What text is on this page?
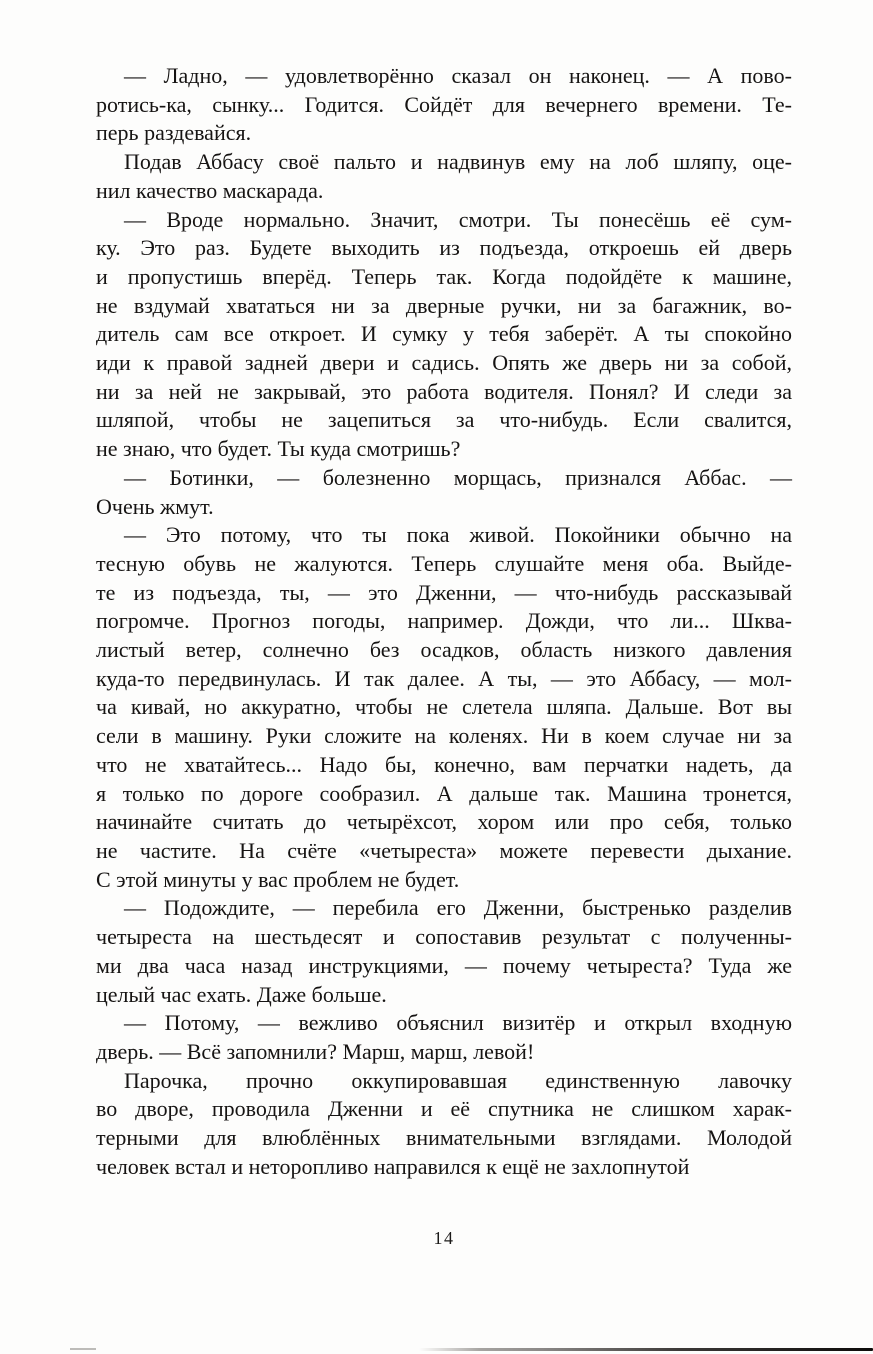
— Ладно, — удовлетворённо сказал он наконец. — А пово-
ротись-ка, сынку... Годится. Сойдёт для вечернего времени. Те-
перь раздевайся.
Подав Аббасу своё пальто и надвинув ему на лоб шляпу, оце-
нил качество маскарада.
— Вроде нормально. Значит, смотри. Ты понесёшь её сум-
ку. Это раз. Будете выходить из подъезда, откроешь ей дверь
и пропустишь вперёд. Теперь так. Когда подойдёте к машине,
не вздумай хвататься ни за дверные ручки, ни за багажник, во-
дитель сам все откроет. И сумку у тебя заберёт. А ты спокойно
иди к правой задней двери и садись. Опять же дверь ни за собой,
ни за ней не закрывай, это работа водителя. Понял? И следи за
шляпой, чтобы не зацепиться за что-нибудь. Если свалится,
не знаю, что будет. Ты куда смотришь?
— Ботинки, — болезненно морщась, признался Аббас. —
Очень жмут.
— Это потому, что ты пока живой. Покойники обычно на
тесную обувь не жалуются. Теперь слушайте меня оба. Выйде-
те из подъезда, ты, — это Дженни, — что-нибудь рассказывай
погромче. Прогноз погоды, например. Дожди, что ли... Шква-
листый ветер, солнечно без осадков, область низкого давления
куда-то передвинулась. И так далее. А ты, — это Аббасу, — мол-
ча кивай, но аккуратно, чтобы не слетела шляпа. Дальше. Вот вы
сели в машину. Руки сложите на коленях. Ни в коем случае ни за
что не хватайтесь... Надо бы, конечно, вам перчатки надеть, да
я только по дороге сообразил. А дальше так. Машина тронется,
начинайте считать до четырёхсот, хором или про себя, только
не частите. На счёте «четыреста» можете перевести дыхание.
С этой минуты у вас проблем не будет.
— Подождите, — перебила его Дженни, быстренько разделив
четыреста на шестьдесят и сопоставив результат с полученны-
ми два часа назад инструкциями, — почему четыреста? Туда же
целый час ехать. Даже больше.
— Потому, — вежливо объяснил визитёр и открыл входную
дверь. — Всё запомнили? Марш, марш, левой!
Парочка, прочно оккупировавшая единственную лавочку
во дворе, проводила Дженни и её спутника не слишком харак-
терными для влюблённых внимательными взглядами. Молодой
человек встал и неторопливо направился к ещё не захлопнутой
14
